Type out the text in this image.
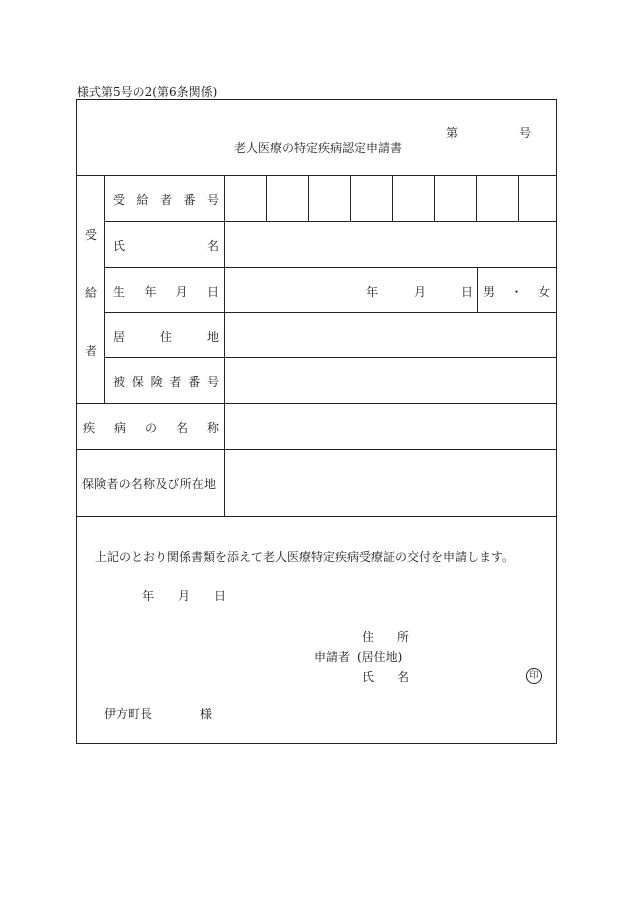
様式第5号の2(第6条関係)
第	号
老人医療の特定疾病認定申請書
受
給
者
受 給 者 番 号
氏	名
生 年 月 日	年	月	日 男 ・ 女
居	住	地
被 保 険 者 番 号
疾 病 の 名 称
保険者の名称及び所在地
上記のとおり関係書類を添えて老人医療特定疾病受療証の交付を申請します。
年 月 日
住 所
申請者 (居住地)
氏 名	印
伊方町長	様
